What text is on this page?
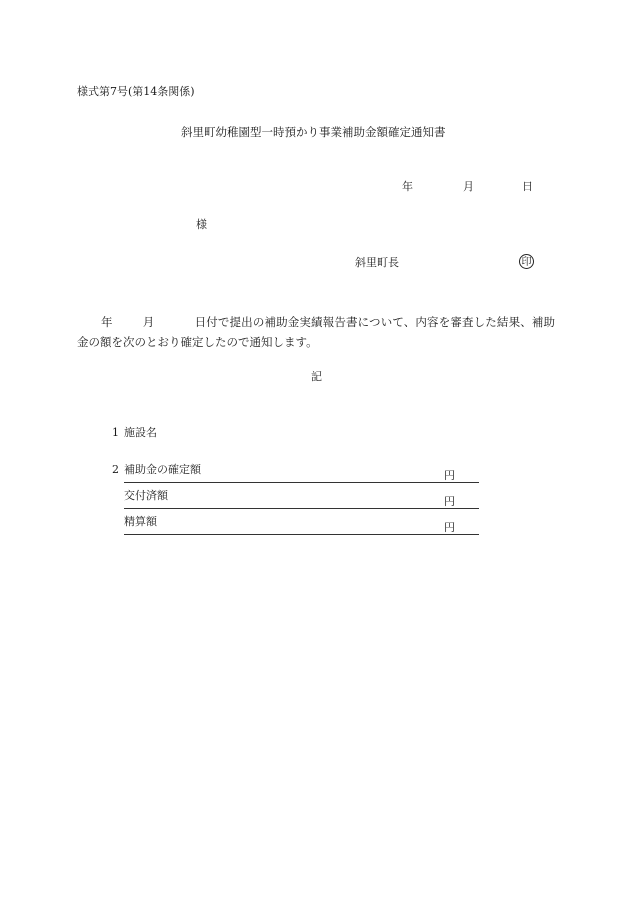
様式第7号(第14条関係)
斜里町幼稚園型一時預かり事業補助金額確定通知書
年	月	日
様
斜里町長	印
年	月	日付で提出の補助金実績報告書について、内容を審査した結果、補助金の額を次のとおり確定したので通知します。
記
1 施設名
2 補助金の確定額	円
交付済額	円
精算額	円
